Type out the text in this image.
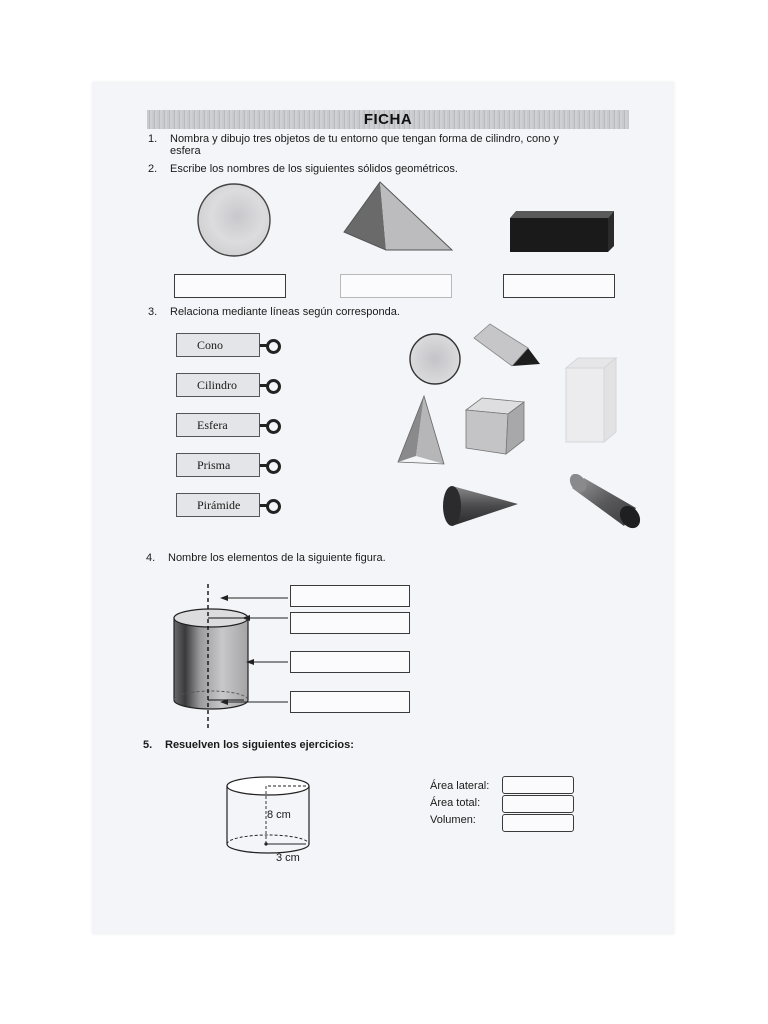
FICHA
1. Nombra y dibujo tres objetos de tu entorno que tengan forma de cilindro, cono y
esfera
2. Escribe los nombres de los siguientes sólidos geométricos.
3. Relaciona mediante líneas según corresponda.
Cono
Cilindro
Esfera
Prisma
Pirámide
4. Nombre los elementos de la siguiente figura.
5. Resuelven los siguientes ejercicios:
8 cm
3 cm
Área lateral:
Área total:
Volumen:
